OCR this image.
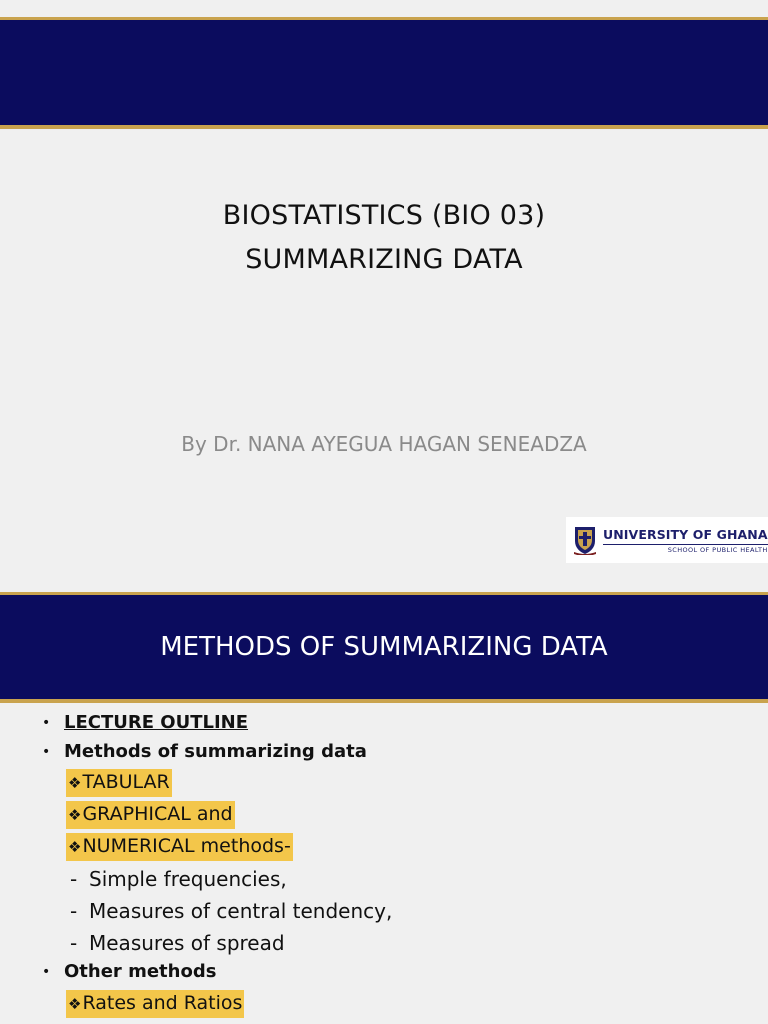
BIOSTATISTICS (BIO 03)
SUMMARIZING DATA
By Dr. NANA AYEGUA HAGAN SENEADZA
UNIVERSITY OF GHANA
SCHOOL OF PUBLIC HEALTH
METHODS OF SUMMARIZING DATA
• LECTURE OUTLINE
• Methods of summarizing data
❖TABULAR
❖GRAPHICAL and
❖NUMERICAL methods-
- Simple frequencies,
- Measures of central tendency,
- Measures of spread
• Other methods
❖Rates and Ratios
